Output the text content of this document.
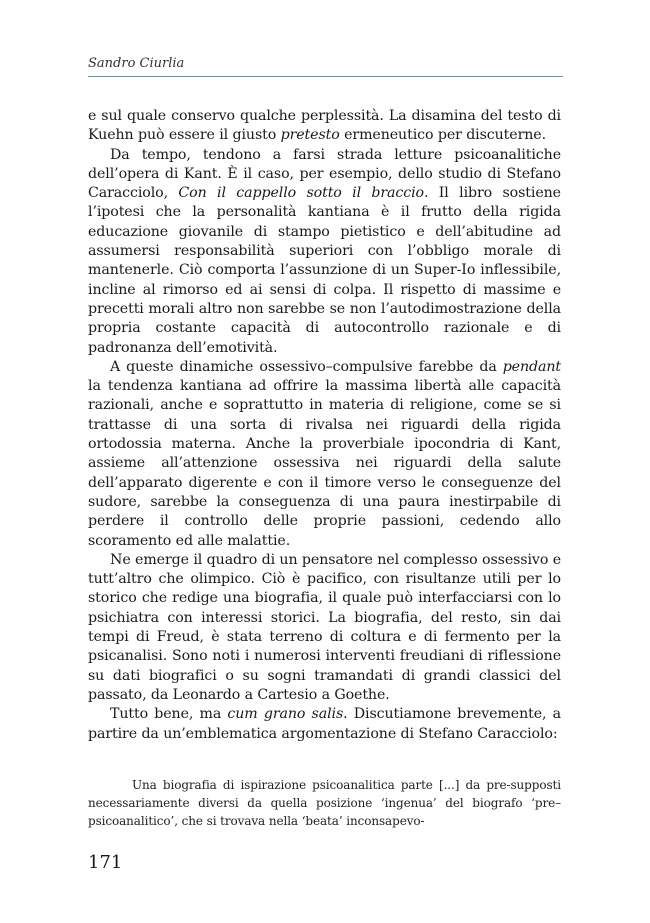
Sandro Ciurlia

e sul quale conservo qualche perplessità. La disamina del testo di Kuehn può essere il giusto pretesto ermeneutico per discuterne.

Da tempo, tendono a farsi strada letture psicoanalitiche dell’opera di Kant. È il caso, per esempio, dello studio di Stefano Caracciolo, Con il cappello sotto il braccio. Il libro sostiene l’ipotesi che la personalità kantiana è il frutto della rigida educazione giovanile di stampo pietistico e dell’abitudine ad assumersi responsabilità superiori con l’obbligo morale di mantenerle. Ciò comporta l’assunzione di un Super-Io inflessibile, incline al rimorso ed ai sensi di colpa. Il rispetto di massime e precetti morali altro non sarebbe se non l’autodimostrazione della propria costante capacità di autocontrollo razionale e di padronanza dell’emotività.

A queste dinamiche ossessivo–compulsive farebbe da pendant la tendenza kantiana ad offrire la massima libertà alle capacità razionali, anche e soprattutto in materia di religione, come se si trattasse di una sorta di rivalsa nei riguardi della rigida ortodossia materna. Anche la proverbiale ipocondria di Kant, assieme all’attenzione ossessiva nei riguardi della salute dell’apparato digerente e con il timore verso le conseguenze del sudore, sarebbe la conseguenza di una paura inestirpabile di perdere il controllo delle proprie passioni, cedendo allo scoramento ed alle malattie.

Ne emerge il quadro di un pensatore nel complesso ossessivo e tutt’altro che olimpico. Ciò è pacifico, con risultanze utili per lo storico che redige una biografia, il quale può interfacciarsi con lo psichiatra con interessi storici. La biografia, del resto, sin dai tempi di Freud, è stata terreno di coltura e di fermento per la psicanalisi. Sono noti i numerosi interventi freudiani di riflessione su dati biografici o su sogni tramandati di grandi classici del passato, da Leonardo a Cartesio a Goethe.

Tutto bene, ma cum grano salis. Discutiamone brevemente, a partire da un’emblematica argomentazione di Stefano Caracciolo:

Una biografia di ispirazione psicoanalitica parte [...] da pre-supposti necessariamente diversi da quella posizione ‘ingenua’ del biografo ‘pre–psicoanalitico’, che si trovava nella ‘beata’ inconsapevo-

171
